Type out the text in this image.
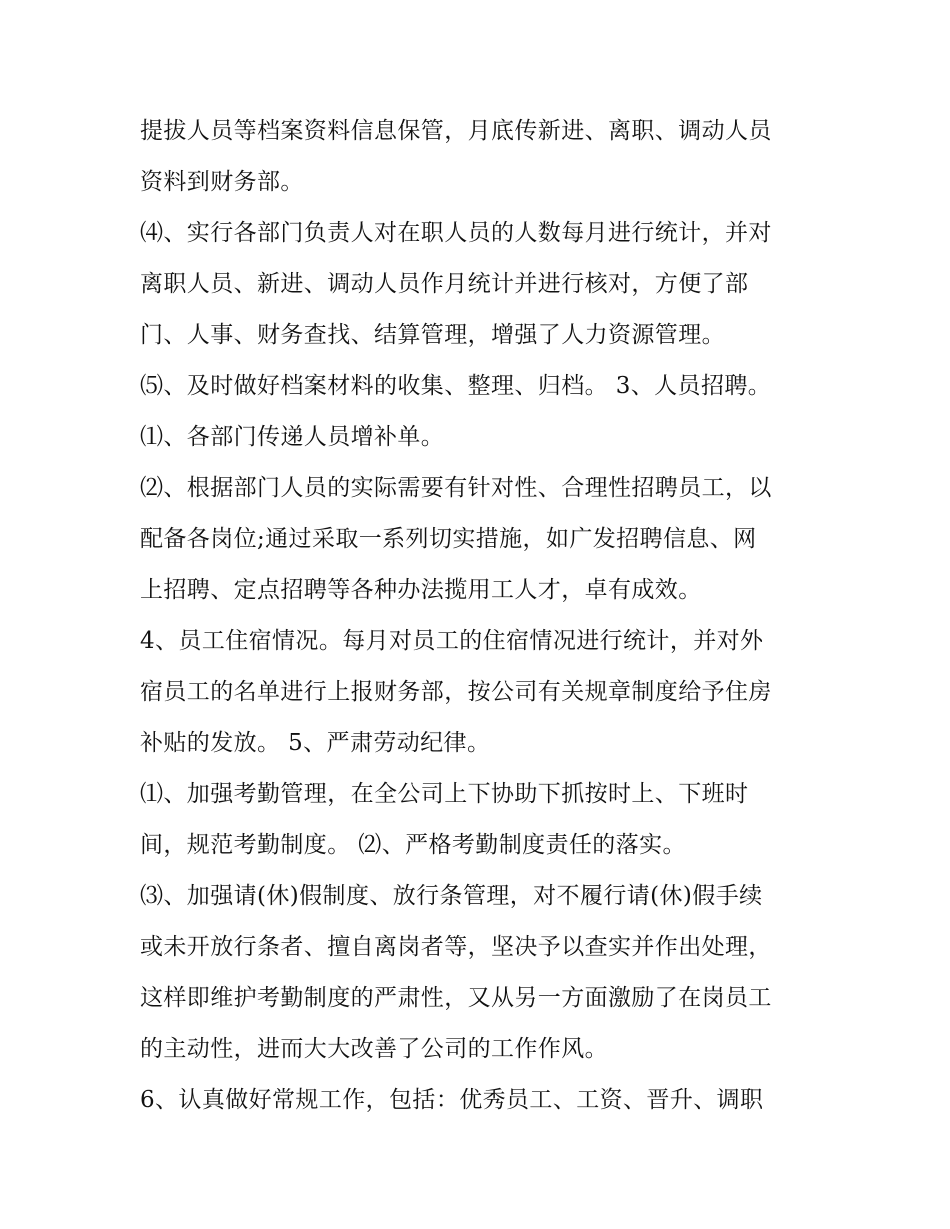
提拔人员等档案资料信息保管，月底传新进、离职、调动人员
资料到财务部。
⑷、实行各部门负责人对在职人员的人数每月进行统计，并对
离职人员、新进、调动人员作月统计并进行核对，方便了部
门、人事、财务查找、结算管理，增强了人力资源管理。
⑸、及时做好档案材料的收集、整理、归档。 3、人员招聘。
⑴、各部门传递人员增补单。
⑵、根据部门人员的实际需要有针对性、合理性招聘员工，以
配备各岗位;通过采取一系列切实措施，如广发招聘信息、网
上招聘、定点招聘等各种办法揽用工人才，卓有成效。
4、员工住宿情况。每月对员工的住宿情况进行统计，并对外
宿员工的名单进行上报财务部，按公司有关规章制度给予住房
补贴的发放。 5、严肃劳动纪律。
⑴、加强考勤管理，在全公司上下协助下抓按时上、下班时
间，规范考勤制度。 ⑵、严格考勤制度责任的落实。
⑶、加强请(休)假制度、放行条管理，对不履行请(休)假手续
或未开放行条者、擅自离岗者等，坚决予以查实并作出处理，
这样即维护考勤制度的严肃性，又从另一方面激励了在岗员工
的主动性，进而大大改善了公司的工作作风。
6、认真做好常规工作，包括：优秀员工、工资、晋升、调职
